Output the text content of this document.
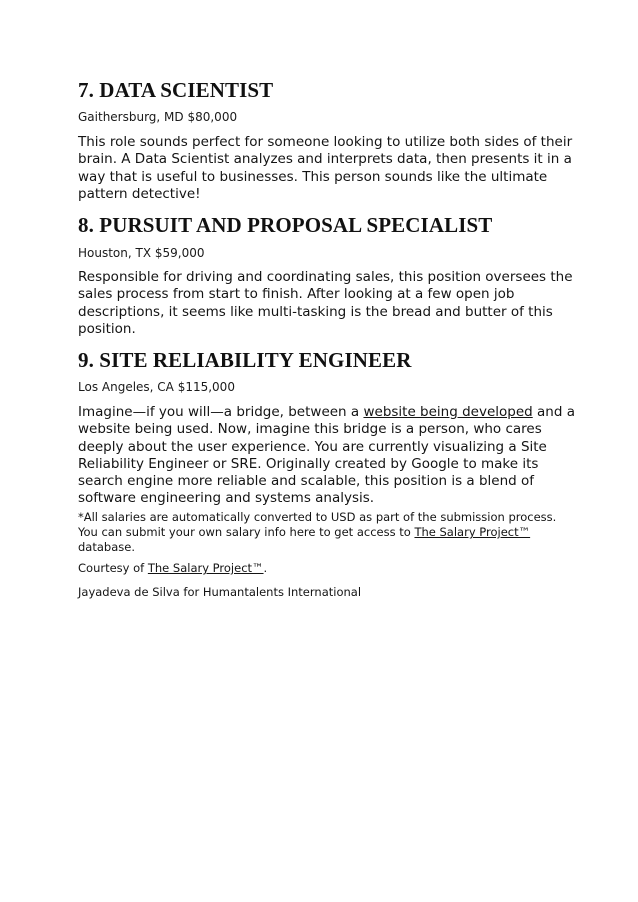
7. DATA SCIENTIST

Gaithersburg, MD $80,000

This role sounds perfect for someone looking to utilize both sides of their brain. A Data Scientist analyzes and interprets data, then presents it in a way that is useful to businesses. This person sounds like the ultimate pattern detective!

8. PURSUIT AND PROPOSAL SPECIALIST

Houston, TX $59,000

Responsible for driving and coordinating sales, this position oversees the sales process from start to finish. After looking at a few open job descriptions, it seems like multi-tasking is the bread and butter of this position.

9. SITE RELIABILITY ENGINEER

Los Angeles, CA $115,000

Imagine—if you will—a bridge, between a website being developed and a website being used. Now, imagine this bridge is a person, who cares deeply about the user experience. You are currently visualizing a Site Reliability Engineer or SRE. Originally created by Google to make its search engine more reliable and scalable, this position is a blend of software engineering and systems analysis.

*All salaries are automatically converted to USD as part of the submission process. You can submit your own salary info here to get access to The Salary Project™ database.

Courtesy of The Salary Project™.

Jayadeva de Silva for Humantalents International
